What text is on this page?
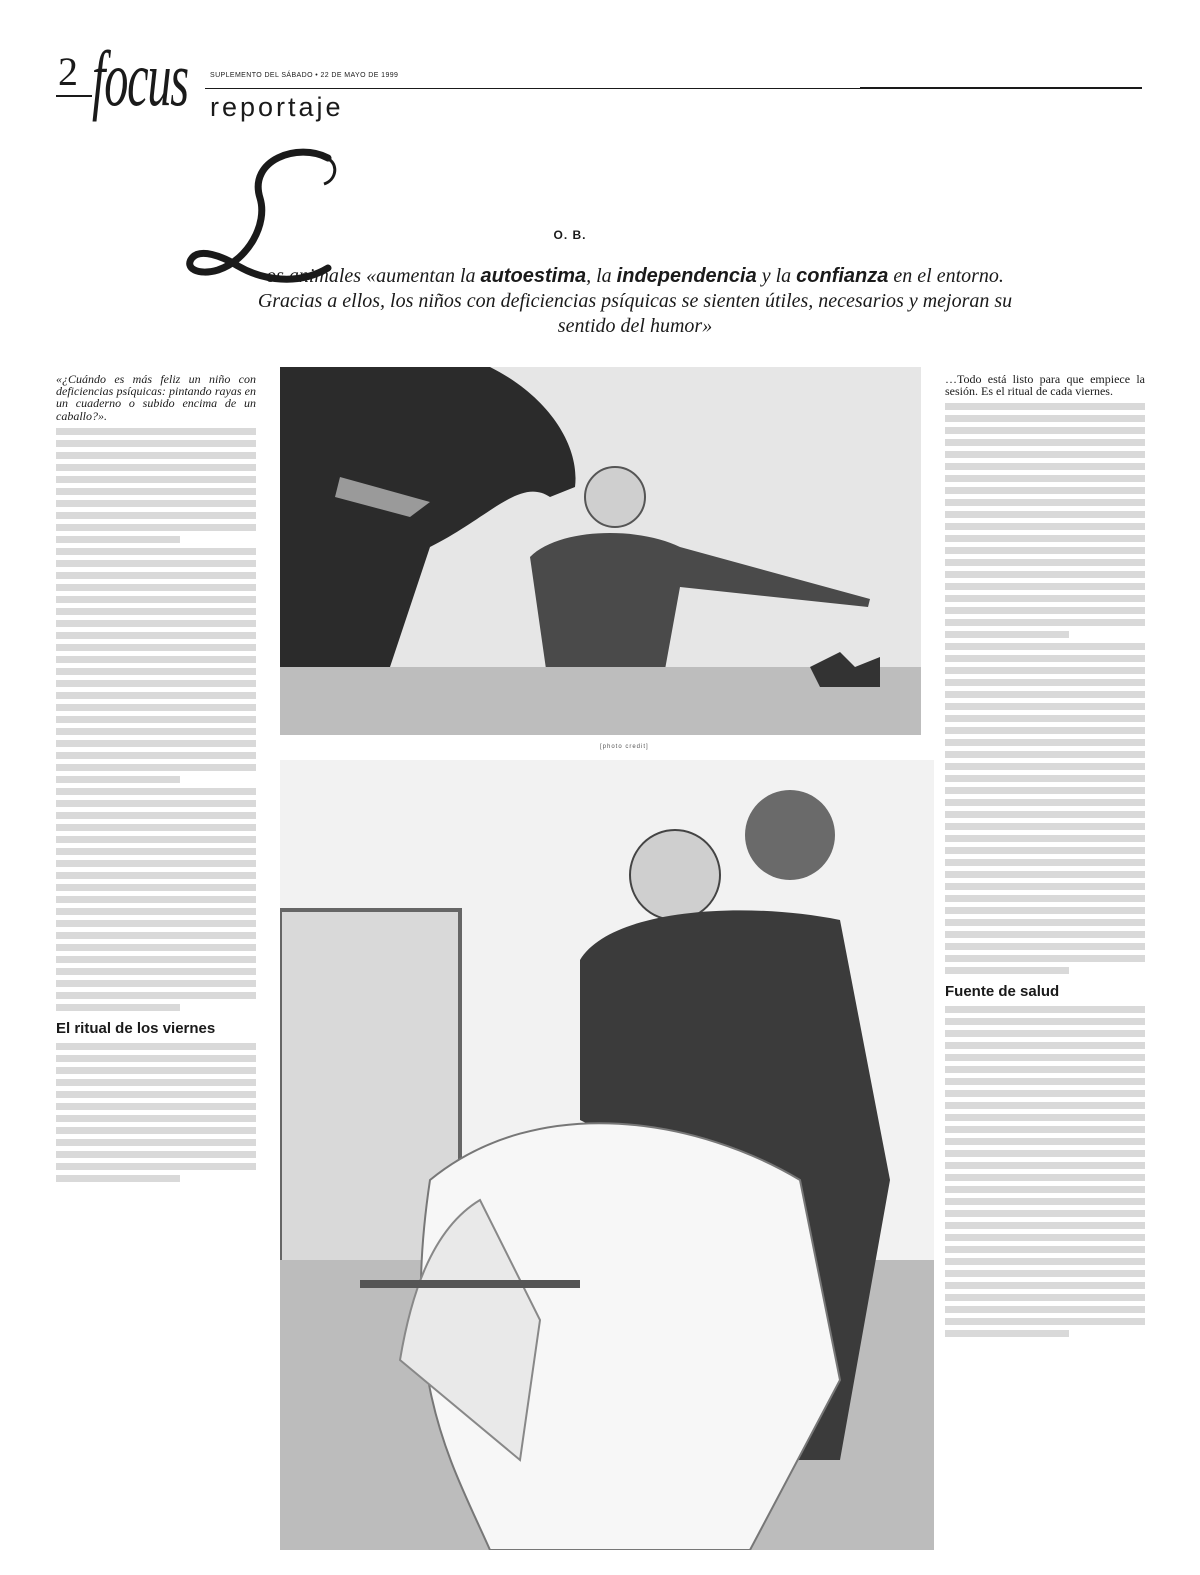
2 focus	SUPLEMENTO DEL SÁBADO • 22 DE MAYO DE 1999
reportaje
O. B.
os animales «aumentan la autoestima, la independencia y la confianza en el entorno. Gracias a ellos, los niños con deficiencias psíquicas se sienten útiles, necesarios y mejoran su sentido del humor»
[photo credit]

«¿Cuándo es más feliz un niño con deficiencias psíquicas: pintando rayas en un cuaderno o subido encima de un caballo?».

El ritual de los viernes

…Todo está listo para que empiece la sesión. Es el ritual de cada viernes.

Fuente de salud
